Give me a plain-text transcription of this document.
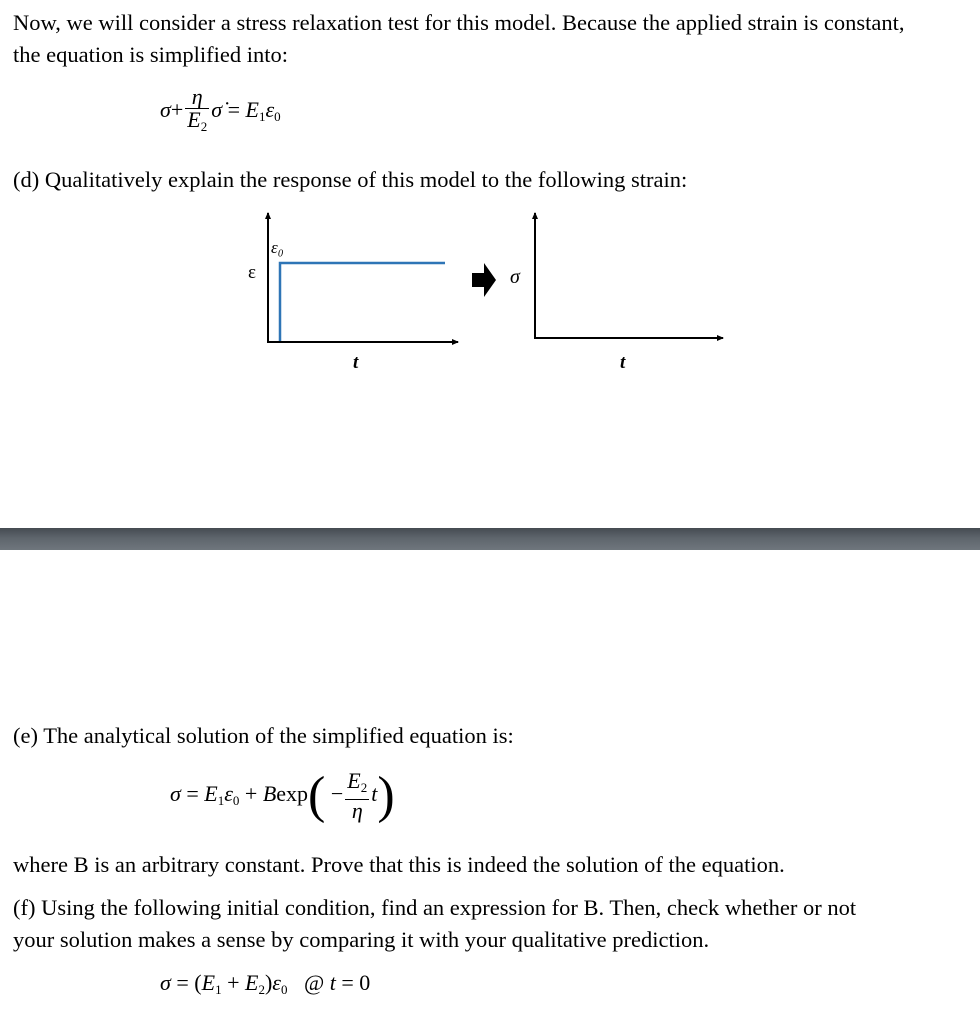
Now, we will consider a stress relaxation test for this model. Because the applied strain is constant,

the equation is simplified into:

$\sigma+ \frac{\eta}{E_2}$ σ̇ = $E_1\varepsilon_0$

(d) Qualitatively explain the response of this model to the following strain:

ε
ε₀
t
σ
t

(e) The analytical solution of the simplified equation is:

$\sigma = E_1\varepsilon_0 + Bexp( - \frac{E_2}{\eta} t)$

where B is an arbitrary constant. Prove that this is indeed the solution of the equation.

(f) Using the following initial condition, find an expression for B. Then, check whether or not

your solution makes a sense by comparing it with your qualitative prediction.

$\sigma = (E_1 + E_2)\varepsilon_0$ @ t = 0
